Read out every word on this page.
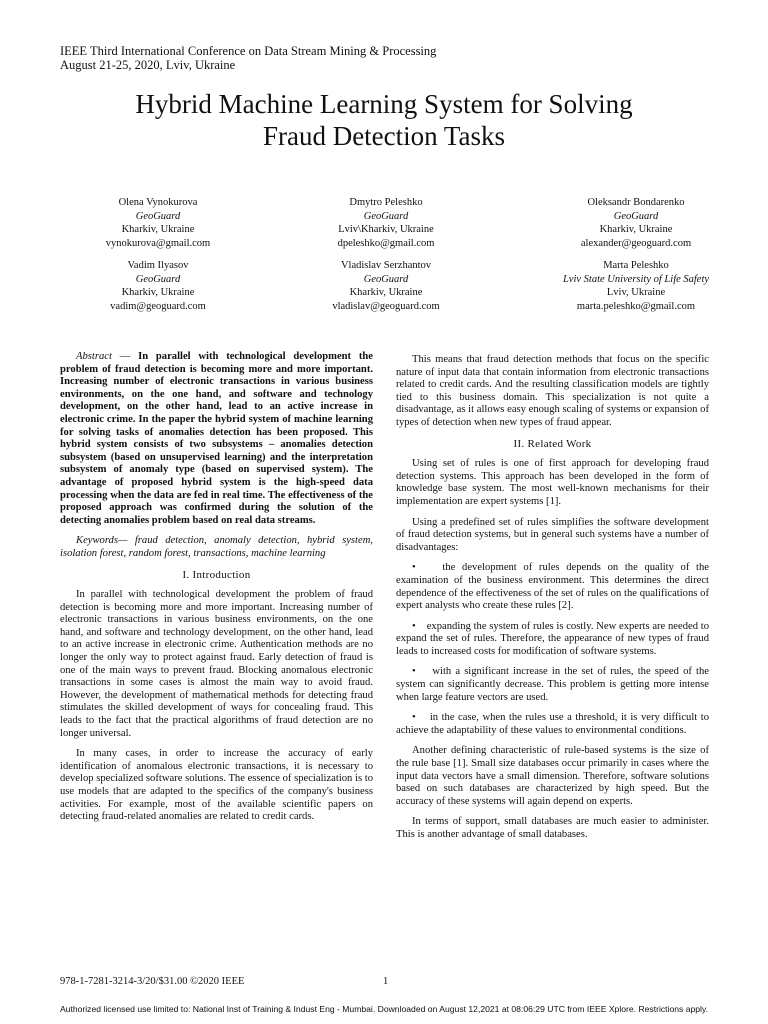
IEEE Third International Conference on Data Stream Mining & Processing
August 21-25, 2020, Lviv, Ukraine
Hybrid Machine Learning System for Solving
Fraud Detection Tasks
Olena Vynokurova
GeoGuard
Kharkiv, Ukraine
vynokurova@gmail.com
Dmytro Peleshko
GeoGuard
Lviv\Kharkiv, Ukraine
dpeleshko@gmail.com
Oleksandr Bondarenko
GeoGuard
Kharkiv, Ukraine
alexander@geoguard.com
Vadim Ilyasov
GeoGuard
Kharkiv, Ukraine
vadim@geoguard.com
Vladislav Serzhantov
GeoGuard
Kharkiv, Ukraine
vladislav@geoguard.com
Marta Peleshko
Lviv State University of Life Safety
Lviv, Ukraine
marta.peleshko@gmail.com

Abstract — In parallel with technological development the problem of fraud detection is becoming more and more important. Increasing number of electronic transactions in various business environments, on the one hand, and software and technology development, on the other hand, lead to an active increase in electronic crime. In the paper the hybrid system of machine learning for solving tasks of anomalies detection has been proposed. This hybrid system consists of two subsystems – anomalies detection subsystem (based on unsupervised learning) and the interpretation subsystem of anomaly type (based on supervised system). The advantage of proposed hybrid system is the high-speed data processing when the data are fed in real time. The effectiveness of the proposed approach was confirmed during the solution of the detecting anomalies problem based on real data streams.

Keywords— fraud detection, anomaly detection, hybrid system, isolation forest, random forest, transactions, machine learning

I. Introduction

In parallel with technological development the problem of fraud detection is becoming more and more important. Increasing number of electronic transactions in various business environments, on the one hand, and software and technology development, on the other hand, lead to an active increase in electronic crime. Authentication methods are no longer the only way to protect against fraud. Early detection of fraud is one of the main ways to prevent fraud. Blocking anomalous electronic transactions in some cases is almost the main way to avoid fraud. However, the development of mathematical methods for detecting fraud stimulates the skilled development of ways for concealing fraud. This leads to the fact that the practical algorithms of fraud detection are no longer universal.

In many cases, in order to increase the accuracy of early identification of anomalous electronic transactions, it is necessary to develop specialized software solutions. The essence of specialization is to use models that are adapted to the specifics of the company's business activities. For example, most of the available scientific papers on detecting fraud-related anomalies are related to credit cards.

This means that fraud detection methods that focus on the specific nature of input data that contain information from electronic transactions related to credit cards. And the resulting classification models are tightly tied to this business domain. This specialization is not quite a disadvantage, as it allows easy enough scaling of systems or expansion of types of detection when new types of fraud appear.

II. Related Work

Using set of rules is one of first approach for developing fraud detection systems. This approach has been developed in the form of knowledge base system. The most well-known mechanisms for their implementation are expert systems [1].

Using a predefined set of rules simplifies the software development of fraud detection systems, but in general such systems have a number of disadvantages:

•	the development of rules depends on the quality of the examination of the business environment. This determines the direct dependence of the effectiveness of the set of rules on the qualifications of expert analysts who create these rules [2].

• expanding the system of rules is costly. New experts are needed to expand the set of rules. Therefore, the appearance of new types of fraud leads to increased costs for modification of software systems.

• with a significant increase in the set of rules, the speed of the system can significantly decrease. This problem is getting more intense when large feature vectors are used.

• in the case, when the rules use a threshold, it is very difficult to achieve the adaptability of these values to environmental conditions.

Another defining characteristic of rule-based systems is the size of the rule base [1]. Small size databases occur primarily in cases where the input data vectors have a small dimension. Therefore, software solutions based on such databases are characterized by high speed. But the accuracy of these systems will again depend on experts.

In terms of support, small databases are much easier to administer. This is another advantage of small databases.

978-1-7281-3214-3/20/$31.00 ©2020 IEEE	1
Authorized licensed use limited to: National Inst of Training & Indust Eng - Mumbai. Downloaded on August 12,2021 at 08:06:29 UTC from IEEE Xplore. Restrictions apply.
